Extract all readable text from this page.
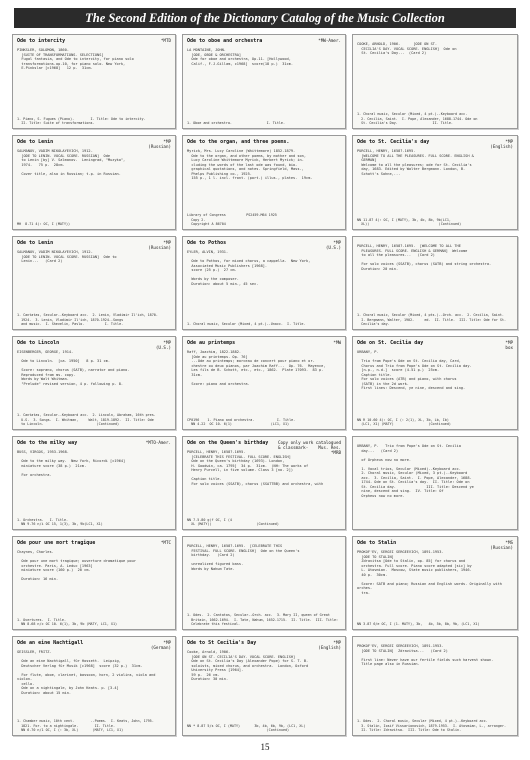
The Second Edition of the Dictionary Catalog of the Music Collection
Ode to intercity	*MTD
PINKSLER, SOLOMON, 1860-
[SUITE OF TRANSFORMATIONS. SELECTIONS]
Fugal fantasia, and Ode to intercity, for piano solo
transformations.op.10, for piano solo. New York,
E.Pinkslar [c1968]   12 p.  31cm.
1. Piano, S. Fugues (Piano).        I. Title: Ode to intercity.
II. Title: Suite of transformations.
Ode to oboe and orchestra	*MW-Amer.
LA MONTAINE, JOHN.
[ODE, OBOE & ORCHESTRA]
Ode for oboe and orchestra, Op.11. [Hollywood,
Calif., F.J.Gillam, c1968]  score(18 p.)  31cm.
1. Oboe and orchestra.                 I. Title.
COOKE, ARNOLD, 1906-      [ODE ON ST.
CECILIA'S DAY. VOCAL SCORE. ENGLISH]  Ode on
St. Cecilia's Day...  (Card 2)
1. Choral music, Secular (Mixed, 4 pt.)--Keyboard acc.
2. Cecilia, Saint.  I. Pope, Alexander, 1688-1744. Ode on
St. Cecilia's Day.                 II. Title.
Ode to Lenin	*MP
(Russian)
SALMANOV, VADIM NIKOLAYEVICH, 1912-
[ODE TO LENIN. VOCAL SCORE. RUSSIAN]  Ode
to Lenin [by] V. Salmanov.  Leningrad, "Muzyka",
1974.   75 p.  28cm.

Cover title, also in Russian; t.p. in Russian.
MH  8.71 4(: OC, I (MATY))
Ode to the organ, and three poems.
Myrick, Mrs. Lucy Caroline (Whittemore) 1852-1879.
Ode to the organ, and other poems, by mother and son,
Lucy Caroline Whittemore Myrick, Herbert Myrick; in-
cluding the words of the last ode was found, bio-
graphical quotations, and notes. Springfield, Mass.,
Phelps Publishing co., 1925.
155 p., 1 l. incl. front. (port.) illus., plates.  19cm.
Library of Congress          PS2459.M64 1925
Copy 2.
Copyright A 86704
Ode to St. Cecilia's day	*MP
(English)
PURCELL, HENRY, 1658?-1695.
[WELCOME TO ALL THE PLEASURES. FULL SCORE. ENGLISH &
GERMAN]
Welcome to all the pleasures; ode for St. Cecilia's
day, 1683. Edited by Walter Bergmann. London, B.
Schott's Sohne,...
NN 11.87 4(: OC, I (MATY), 3b, 4b, 8b, 9b(LC1,
XL))                                  (Continued)
Ode to Lenin	*MP
(Russian)
SALMANOV, VADIM NIKOLAYEVICH, 1912-
[ODE TO LENIN. VOCAL SCORE. RUSSIAN]  Ode to
Lenin...   (Card 2)
1. Cantatas, Secular--Keyboard acc.  2. Lenin, Vladimir Il'ich, 1870-
1924.  3. Lenin, Vladimir Il'ich, 1870-1924--Songs
and music.  I. Shevelin, Pavlo.          I. Title.
Ode to Pothos	*MP
(U.S.)
EYLER, ALVIN, 1931-

Ode to Pothos, for mixed chorus, a cappella.  New York,
Associated Music Publishers [1968].
score (25 p.)  27 cm.

Words by the composer.
Duration: about 5 min., 45 sec.
1. Choral music, Secular (Mixed, 4 pt.)--Unacc.  I. Title.
PURCELL, HENRY, 1658?-1695.  [WELCOME TO ALL THE
PLEASURES. FULL SCORE. ENGLISH & GERMAN]  Welcome
to all the pleasures...   (Card 2)

For solo voices (SSATB), chorus (SATB) and string orchestra.
Duration: 20 min.
1. Choral music, Secular (Mixed, 4 pts.)--Orch. acc.  2. Cecilia, Saint.
I. Bergmann, Walter, 1902-     ed.  II. Title.  III. Title: Ode for St.
Cecilia's day.
Ode to Lincoln	*MP
(U.S.)
EISENBERGER, GEORGE, 1914-

Ode to Lincoln.  [ca. 1950]   8 p. 31 cm.

Score: soprano, chorus (SATB), narrator and piano.
Reproduced from ms. copy.
Words by Walt Whitman.
"Prelude" revised version, 4 p. following p. 8.
1. Cantatas, Secular--Keyboard acc.  2. Lincoln, Abraham, 16th pres.
U.S.  3. Songs.  I. Whitman,     Walt, 1819-1892.  II. Title: Ode
to Lincoln.                          (Continued)
Ode au printemps	*MW
Raff, Joachim, 1822-1882.
[Ode au printemps. Op. 76]
...Ode au printemps; morceau de concert pour piano et or-
chestre ou deux pianos, par Joachim Raff...  Op. 76.  Mayence,
Les fils de B. Schott, etc., etc., 1862.  Plate 17093.  83 p.
31cm.

Score: piano and orchestra.
CP0196    1. Piano and orchestra.           I. Title.
NN 4.22  OC 10. 6(1)                   (LC1, X1)
Ode on St. Cecilia day	*MP
box
URBANY, P.

Trio from Pope's Ode on St. Cecilia day, Card,
Chorus and Trio from Pope's Ode on St. Cecilia day.
[n.p., n.d.]  score (4-51 p.)  25cm.
Caption title.
For solo voices (ATB) and piano, with chorus
(SATB) in the 2d work.
First lines: Descend, ye nine, descend and sing.
NN R 10.60 4(: OC, I (: 2(1), XL, 3b, Lb, Ib)
(LC1, X1) (MATY)                 (Continued)
Ode to the milky way	*MTO-Amer.
BUSS, VIRGOS, 1953-1968.

Ode to the milky way.  New York, Ricordi [c1964]
miniature score (38 p.)  21cm.

For orchestra.
1. Orchestra.   I. Title.
NN 9.76 n/i OC 15, 1(3), 3b, 9b(LC1, X1)
Ode on the Queen's birthday	Copy only work catalogued
& classmark-    Mus. Res.
*MRB
PURCELL, HENRY, 1658?-1695.
[CELEBRATE THIS FESTIVAL. FULL SCORE. ENGLISH]
Ode on the Queen's birthday (1693). London,
H. Goodwin, ca. 1795]  34 p.  31cm.  (NH: The works of
Henry Purcell, in five volume. Class 3 [no. 2])

Caption title.
For solo voices (SSATB), chorus (SSATTBB) and orchestra, with
NN 7.5.80 g(f OC, I (4
XL (MATY))                      (Continued)
URBANY, P.   Trio from Pope's Ode on St. Cecilia
day...   (Card 2)

of Orpheus now no more.

1. Vocal trios, Secular (Mixed)--Keyboard acc.
2. Choral music, Secular (Mixed, 3 pt.)--Keyboard
acc.  3. Cecilia, Saint.  I. Pope, Alexander, 1688-
1744. Ode on St. Cecilia's day.  II. Title: Ode on
St. Cecilia day.              III. Title: Descend ye
nine, descend and sing.  IV. Title: Of
Orpheus now no more.
Ode pour une mort tragique	*MTC
Chaynes, Charles.

Ode pour une mort tragique; ouverture dramatique pour
orchestre. Paris, A. Leduc [1963]
miniature score (160 p.)  20 cm.

Duration: 16 min.
1. Overtures.  I. Title.
NN 8.68 n/c OC 10. 6(1), 3b, 9b (MATY, LC1, X1)
PURCELL, HENRY, 1658?-1695.  [CELEBRATE THIS
FESTIVAL. FULL SCORE. ENGLISH]  Ode on the Queen's
birthday.   (Card 2)

unrealized figured bass.
Words by Nahum Tate.
1. Odes.  2. Cantatas, Secular--Orch. acc.  3. Mary II, queen of Great
Britain, 1662-1694.  I. Tate, Nahum, 1652-1715.  II. Title.  III. Title:
Celebrate this festival.
Ode to Stalin	*MS
(Russian)
PROKOF'EV, SERGEI SERGEEVICH, 1891-1953.
[ODE TO STALIN]
Zdravitsa [Ode to Stalin, op. 85] for chorus and
orchestra. Full score. Piano score adapted [sic] by
L. Atovmian.  Moscow, State music publishers, 1946.
40 p.  30cm.

Score: SATB and piano; Russian and English words. Originally with orches-
tra.
NN 3.87 6/e OC, I (1. MATY), 3b,   4b, 5b, 8b, 9b, (LC1, X1)
Ode an eine Nachtigall	*MP
(German)
GEISSLER, FRITZ.

Ode an eine Nachtigall, für Hossett.  Leipzig,
Deutscher Verlag für Musik [c1968]  score (32 p.)  31cm.

For flute, oboe, clarinet, bassoon, horn, 2 violins, viola and violon-
cello.
Ode on a nightingale, by John Keats. p. [3-4]
Duration: about 15 min.
1. Chamber music, 10th cent.        --Poems.  I. Keats, John, 1795-
1821. For. to a nightingale.        II. Title.
NN 6.70 n/1 OC, I (: 3b, XL)       (MATY, LC1, X1)
Ode to St Cecilia's Day	*MP
(English)
Cooke, Arnold, 1906-
[ODE ON ST. CECILIA'S DAY. VOCAL SCORE. ENGLISH]
Ode on St. Cecilia's Day (Alexander Pope) for S. T. B.
soloists, mixed chorus, and orchestra.  London, Oxford
University Press [1964].
59 p.  26 cm.
Duration: 30 min.
NN * 8.87 5/s OC, I (MATY)       3b, 4b, 6b, 9b, (LC1, XL)
(Continued)
PROKOF'EV, SERGEI SERGEEVICH, 1891-1953.
[ODE TO STALIN]  Zdravitsa...   (Card 2)

First line: Never have our fertile fields such harvest shown.
Title page also in Russian.
1. Odes.  2. Choral music, Secular (Mixed, 4 pt.)--Keyboard acc.
3. Stalin, Iosif Vissarionovich, 1879-1953.  I. Atovmian, L., arranger.
II. Title: Zdravitsa.  III. Title: Ode to Stalin.
15
